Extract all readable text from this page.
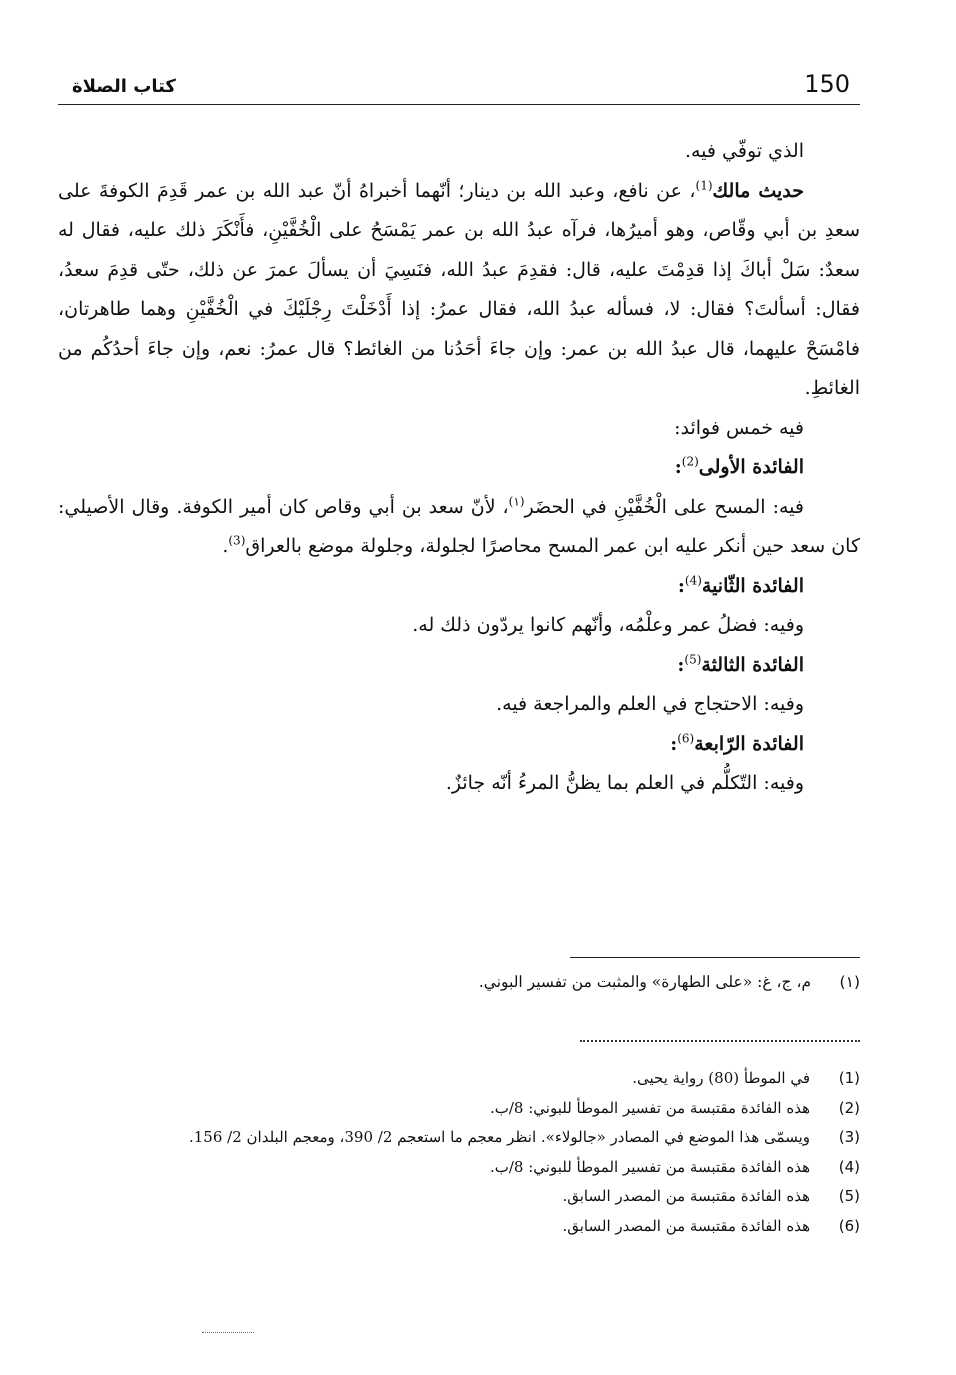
150
كتاب الصلاة

الذي توفّي فيه.

حديث مالك$^{(1)}$، عن نافع، وعبد الله بن دينار؛ أنّهما أخبراهُ أنّ عبد الله بن عمر قَدِمَ الكوفةَ على سعدِ بن أبي وقّاص، وهو أميرُها، فرآه عبدُ الله بن عمر يَمْسَحُ على الْخُفَّيْنِ، فأَنْكَرَ ذلك عليه، فقال له سعدٌ: سَلْ أباكَ إذا قدِمْتَ عليه، قال: فقدِمَ عبدُ الله، فنَسِيَ أن يسألَ عمرَ عن ذلك، حتّى قدِمَ سعدُ، فقال: أسألتَ؟ فقال: لا، فسأله عبدُ الله، فقال عمرُ: إذا أَدْخَلْتَ رِجْلَيْكَ في الْخُفَّيْنِ وهما طاهرتان، فامْسَحْ عليهما، قال عبدُ الله بن عمر: وإن جاءَ أحَدُنا من الغائط؟ قال عمرُ: نعم، وإن جاءَ أحدُكُم من الغائطِ.

فيه خمس فوائد:

الفائدة الأولى$^{(2)}$:

فيه: المسح على الْخُفَّيْنِ في الحضَر$^{(١)}$، لأنّ سعد بن أبي وقاص كان أمير الكوفة. وقال الأصيلي: كان سعد حين أنكر عليه ابن عمر المسح محاصرًا لجلولة، وجلولة موضع بالعراق$^{(3)}$.

الفائدة الثّانية$^{(4)}$:

وفيه: فضلُ عمر وعلْمُه، وأنّهم كانوا يردّون ذلك له.

الفائدة الثالثة$^{(5)}$:

وفيه: الاحتجاج في العلم والمراجعة فيه.

الفائدة الرّابعة$^{(6)}$:

وفيه: التّكلُّم في العلم بما يظنُّ المرءُ أنّه جائزٌ.

(١) م، ج، غ: «على الطهارة» والمثبت من تفسير البوني.
(1)في الموطأ (80) رواية يحيى.
(2)هذه الفائدة مقتبسة من تفسير الموطأ للبوني: 8/ب.
(3)ويسمّى هذا الموضع في المصادر «جالولاء». انظر معجم ما استعجم 2/ 390، ومعجم البلدان 2/ 156.
(4)هذه الفائدة مقتبسة من تفسير الموطأ للبوني: 8/ب.
(5)هذه الفائدة مقتبسة من المصدر السابق.
(6)هذه الفائدة مقتبسة من المصدر السابق.
